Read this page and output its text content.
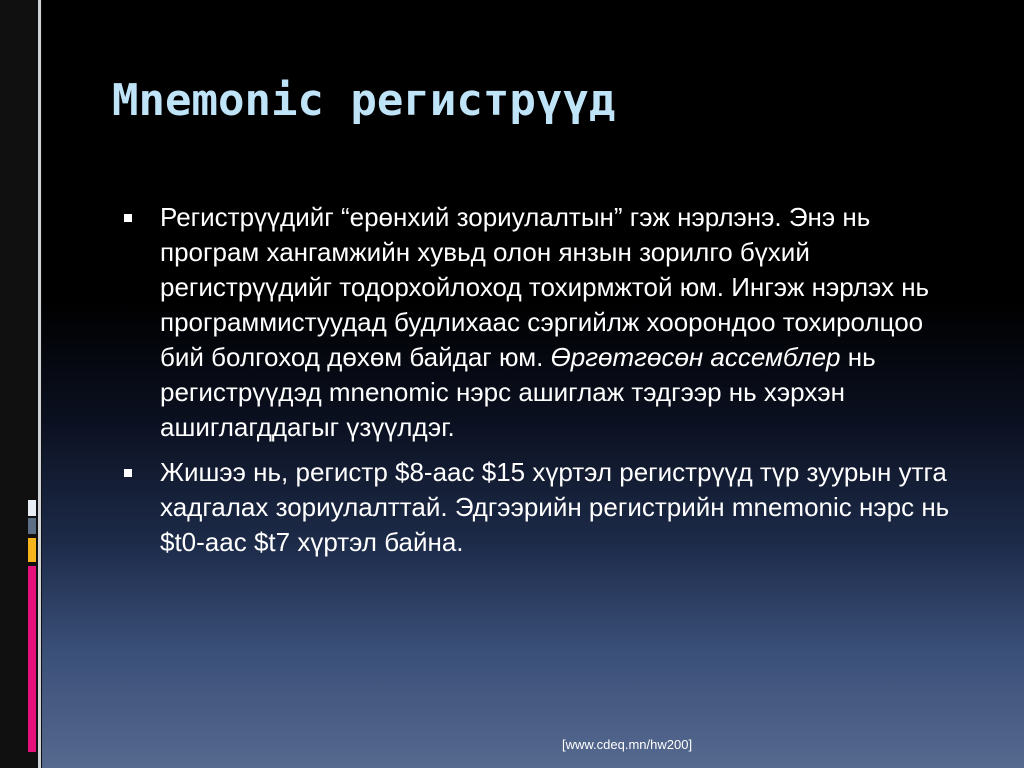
Mnemonic регистрүүд
Регистрүүдийг “ерөнхий зориулалтын” гэж нэрлэнэ. Энэ нь програм хангамжийн хувьд олон янзын зорилго бүхий регистрүүдийг тодорхойлоход тохирмжтой юм. Ингэж нэрлэх нь программистуудад будлихаас сэргийлж хоорондоо тохиролцоо бий болгоход дөхөм байдаг юм. Өргөтгөсөн ассемблер нь регистрүүдэд mnenomic нэрс ашиглаж тэдгээр нь хэрхэн ашиглагддагыг үзүүлдэг.
Жишээ нь, регистр $8-аас $15 хүртэл регистрүүд түр зуурын утга хадгалах зориулалттай. Эдгээрийн регистрийн mnemonic нэрс нь $t0-аас $t7 хүртэл байна.
[www.cdeq.mn/hw200]
